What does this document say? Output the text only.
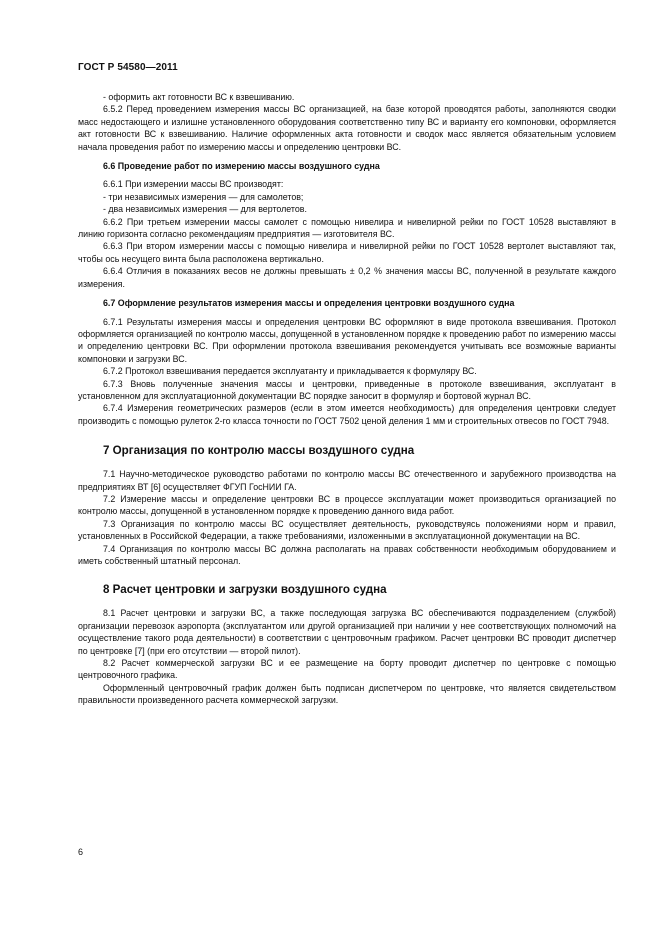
ГОСТ Р 54580—2011

- оформить акт готовности ВС к взвешиванию.

6.5.2 Перед проведением измерения массы ВС организацией, на базе которой проводятся работы, заполняются сводки масс недостающего и излишне установленного оборудования соответственно типу ВС и варианту его компоновки, оформляется акт готовности ВС к взвешиванию. Наличие оформленных акта готовности и сводок масс является обязательным условием начала проведения работ по измерению массы и определению центровки ВС.

6.6 Проведение работ по измерению массы воздушного судна

6.6.1 При измерении массы ВС производят:

- три независимых измерения — для самолетов;

- два независимых измерения — для вертолетов.

6.6.2 При третьем измерении массы самолет с помощью нивелира и нивелирной рейки по ГОСТ 10528 выставляют в линию горизонта согласно рекомендациям предприятия — изготовителя ВС.

6.6.3 При втором измерении массы с помощью нивелира и нивелирной рейки по ГОСТ 10528 вертолет выставляют так, чтобы ось несущего винта была расположена вертикально.

6.6.4 Отличия в показаниях весов не должны превышать ± 0,2 % значения массы ВС, полученной в результате каждого измерения.

6.7 Оформление результатов измерения массы и определения центровки воздушного судна

6.7.1 Результаты измерения массы и определения центровки ВС оформляют в виде протокола взвешивания. Протокол оформляется организацией по контролю массы, допущенной в установленном порядке к проведению работ по измерению массы и определению центровки ВС. При оформлении протокола взвешивания рекомендуется учитывать все возможные варианты компоновки и загрузки ВС.

6.7.2 Протокол взвешивания передается эксплуатанту и прикладывается к формуляру ВС.

6.7.3 Вновь полученные значения массы и центровки, приведенные в протоколе взвешивания, эксплуатант в установленном для эксплуатационной документации ВС порядке заносит в формуляр и бортовой журнал ВС.

6.7.4 Измерения геометрических размеров (если в этом имеется необходимость) для определения центровки следует производить с помощью рулеток 2-го класса точности по ГОСТ 7502 ценой деления 1 мм и строительных отвесов по ГОСТ 7948.

7 Организация по контролю массы воздушного судна

7.1 Научно-методическое руководство работами по контролю массы ВС отечественного и зарубежного производства на предприятиях ВТ [6] осуществляет ФГУП ГосНИИ ГА.

7.2 Измерение массы и определение центровки ВС в процессе эксплуатации может производиться организацией по контролю массы, допущенной в установленном порядке к проведению данного вида работ.

7.3 Организация по контролю массы ВС осуществляет деятельность, руководствуясь положениями норм и правил, установленных в Российской Федерации, а также требованиями, изложенными в эксплуатационной документации на ВС.

7.4 Организация по контролю массы ВС должна располагать на правах собственности необходимым оборудованием и иметь собственный штатный персонал.

8 Расчет центровки и загрузки воздушного судна

8.1 Расчет центровки и загрузки ВС, а также последующая загрузка ВС обеспечиваются подразделением (службой) организации перевозок аэропорта (эксплуатантом или другой организацией при наличии у нее соответствующих полномочий на осуществление такого рода деятельности) в соответствии с центровочным графиком. Расчет центровки ВС проводит диспетчер по центровке [7] (при его отсутствии — второй пилот).

8.2 Расчет коммерческой загрузки ВС и ее размещение на борту проводит диспетчер по центровке с помощью центровочного графика.

Оформленный центровочный график должен быть подписан диспетчером по центровке, что является свидетельством правильности произведенного расчета коммерческой загрузки.

6
